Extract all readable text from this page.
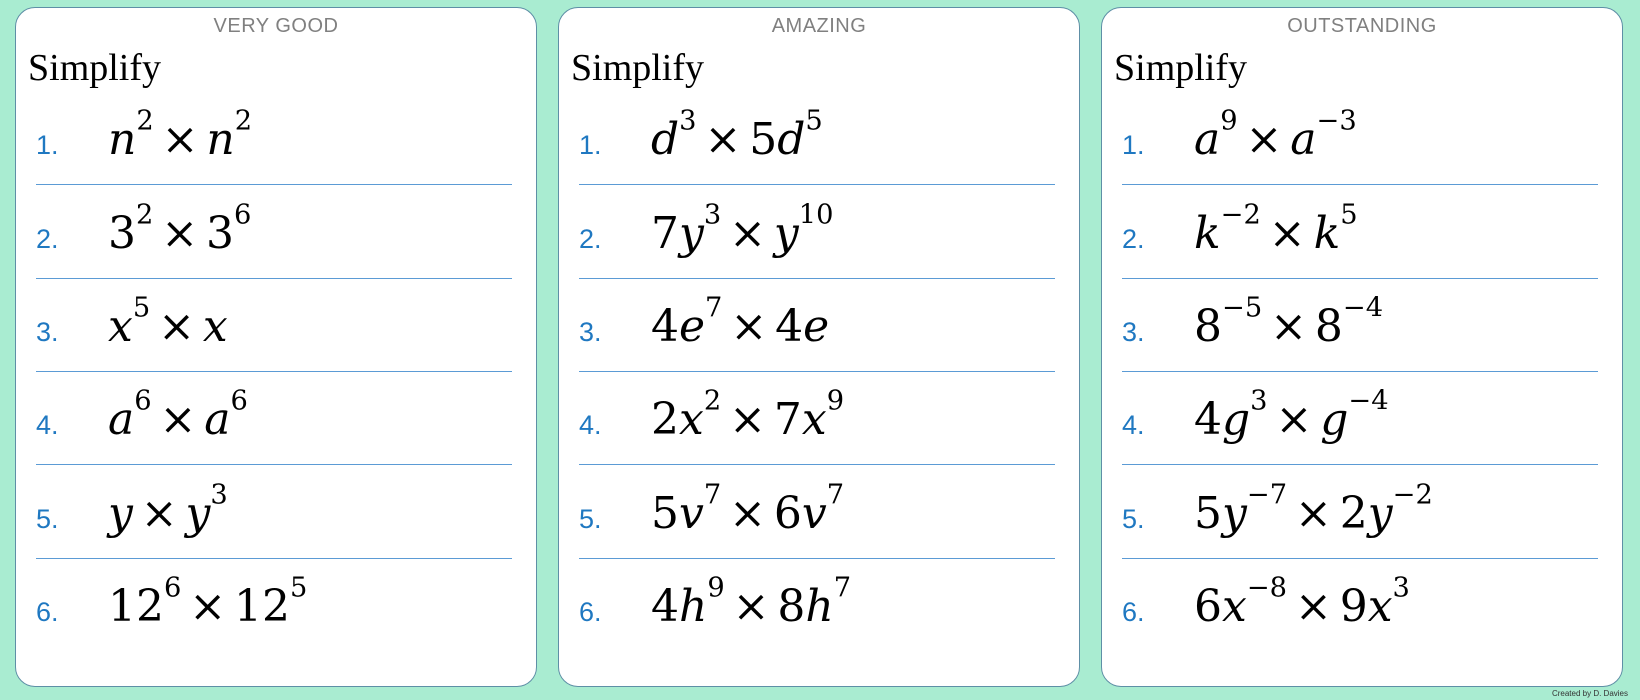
VERY GOOD
Simplify
1. $n^2 \times n^2$
2. $3^2 \times 3^6$
3. $x^5 \times x$
4. $a^6 \times a^6$
5. $y \times y^3$
6. $12^6 \times 12^5$
AMAZING
Simplify
1. $d^3 \times 5d^5$
2. $7y^3 \times y^{10}$
3. $4e^7 \times 4e$
4. $2x^2 \times 7x^9$
5. $5v^7 \times 6v^7$
6. $4h^9 \times 8h^7$
OUTSTANDING
Simplify
1. $a^9 \times a^{-3}$
2. $k^{-2} \times k^5$
3. $8^{-5} \times 8^{-4}$
4. $4g^3 \times g^{-4}$
5. $5y^{-7} \times 2y^{-2}$
6. $6x^{-8} \times 9x^3$
Created by D. Davies
